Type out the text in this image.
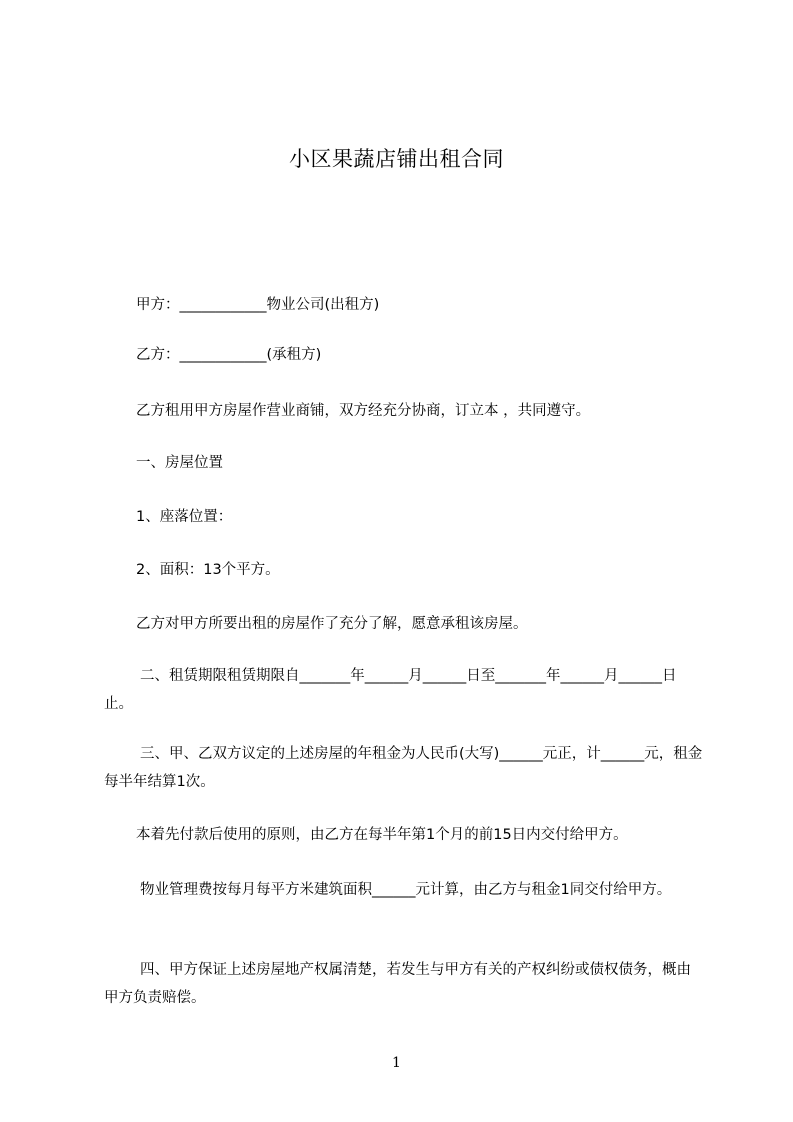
小区果蔬店铺出租合同
甲方：____________物业公司(出租方)
乙方：____________(承租方)
乙方租用甲方房屋作营业商铺，双方经充分协商，订立本 ，共同遵守。
一、房屋位置
1、座落位置：
2、面积：13个平方。
乙方对甲方所要出租的房屋作了充分了解，愿意承租该房屋。
二、租赁期限租赁期限自_______年______月______日至_______年______月______日止。
三、甲、乙双方议定的上述房屋的年租金为人民币(大写)______元正，计______元，租金每半年结算1次。
本着先付款后使用的原则，由乙方在每半年第1个月的前15日内交付给甲方。
物业管理费按每月每平方米建筑面积______元计算，由乙方与租金1同交付给甲方。
四、甲方保证上述房屋地产权属清楚，若发生与甲方有关的产权纠纷或债权债务，概由甲方负责赔偿。
1
